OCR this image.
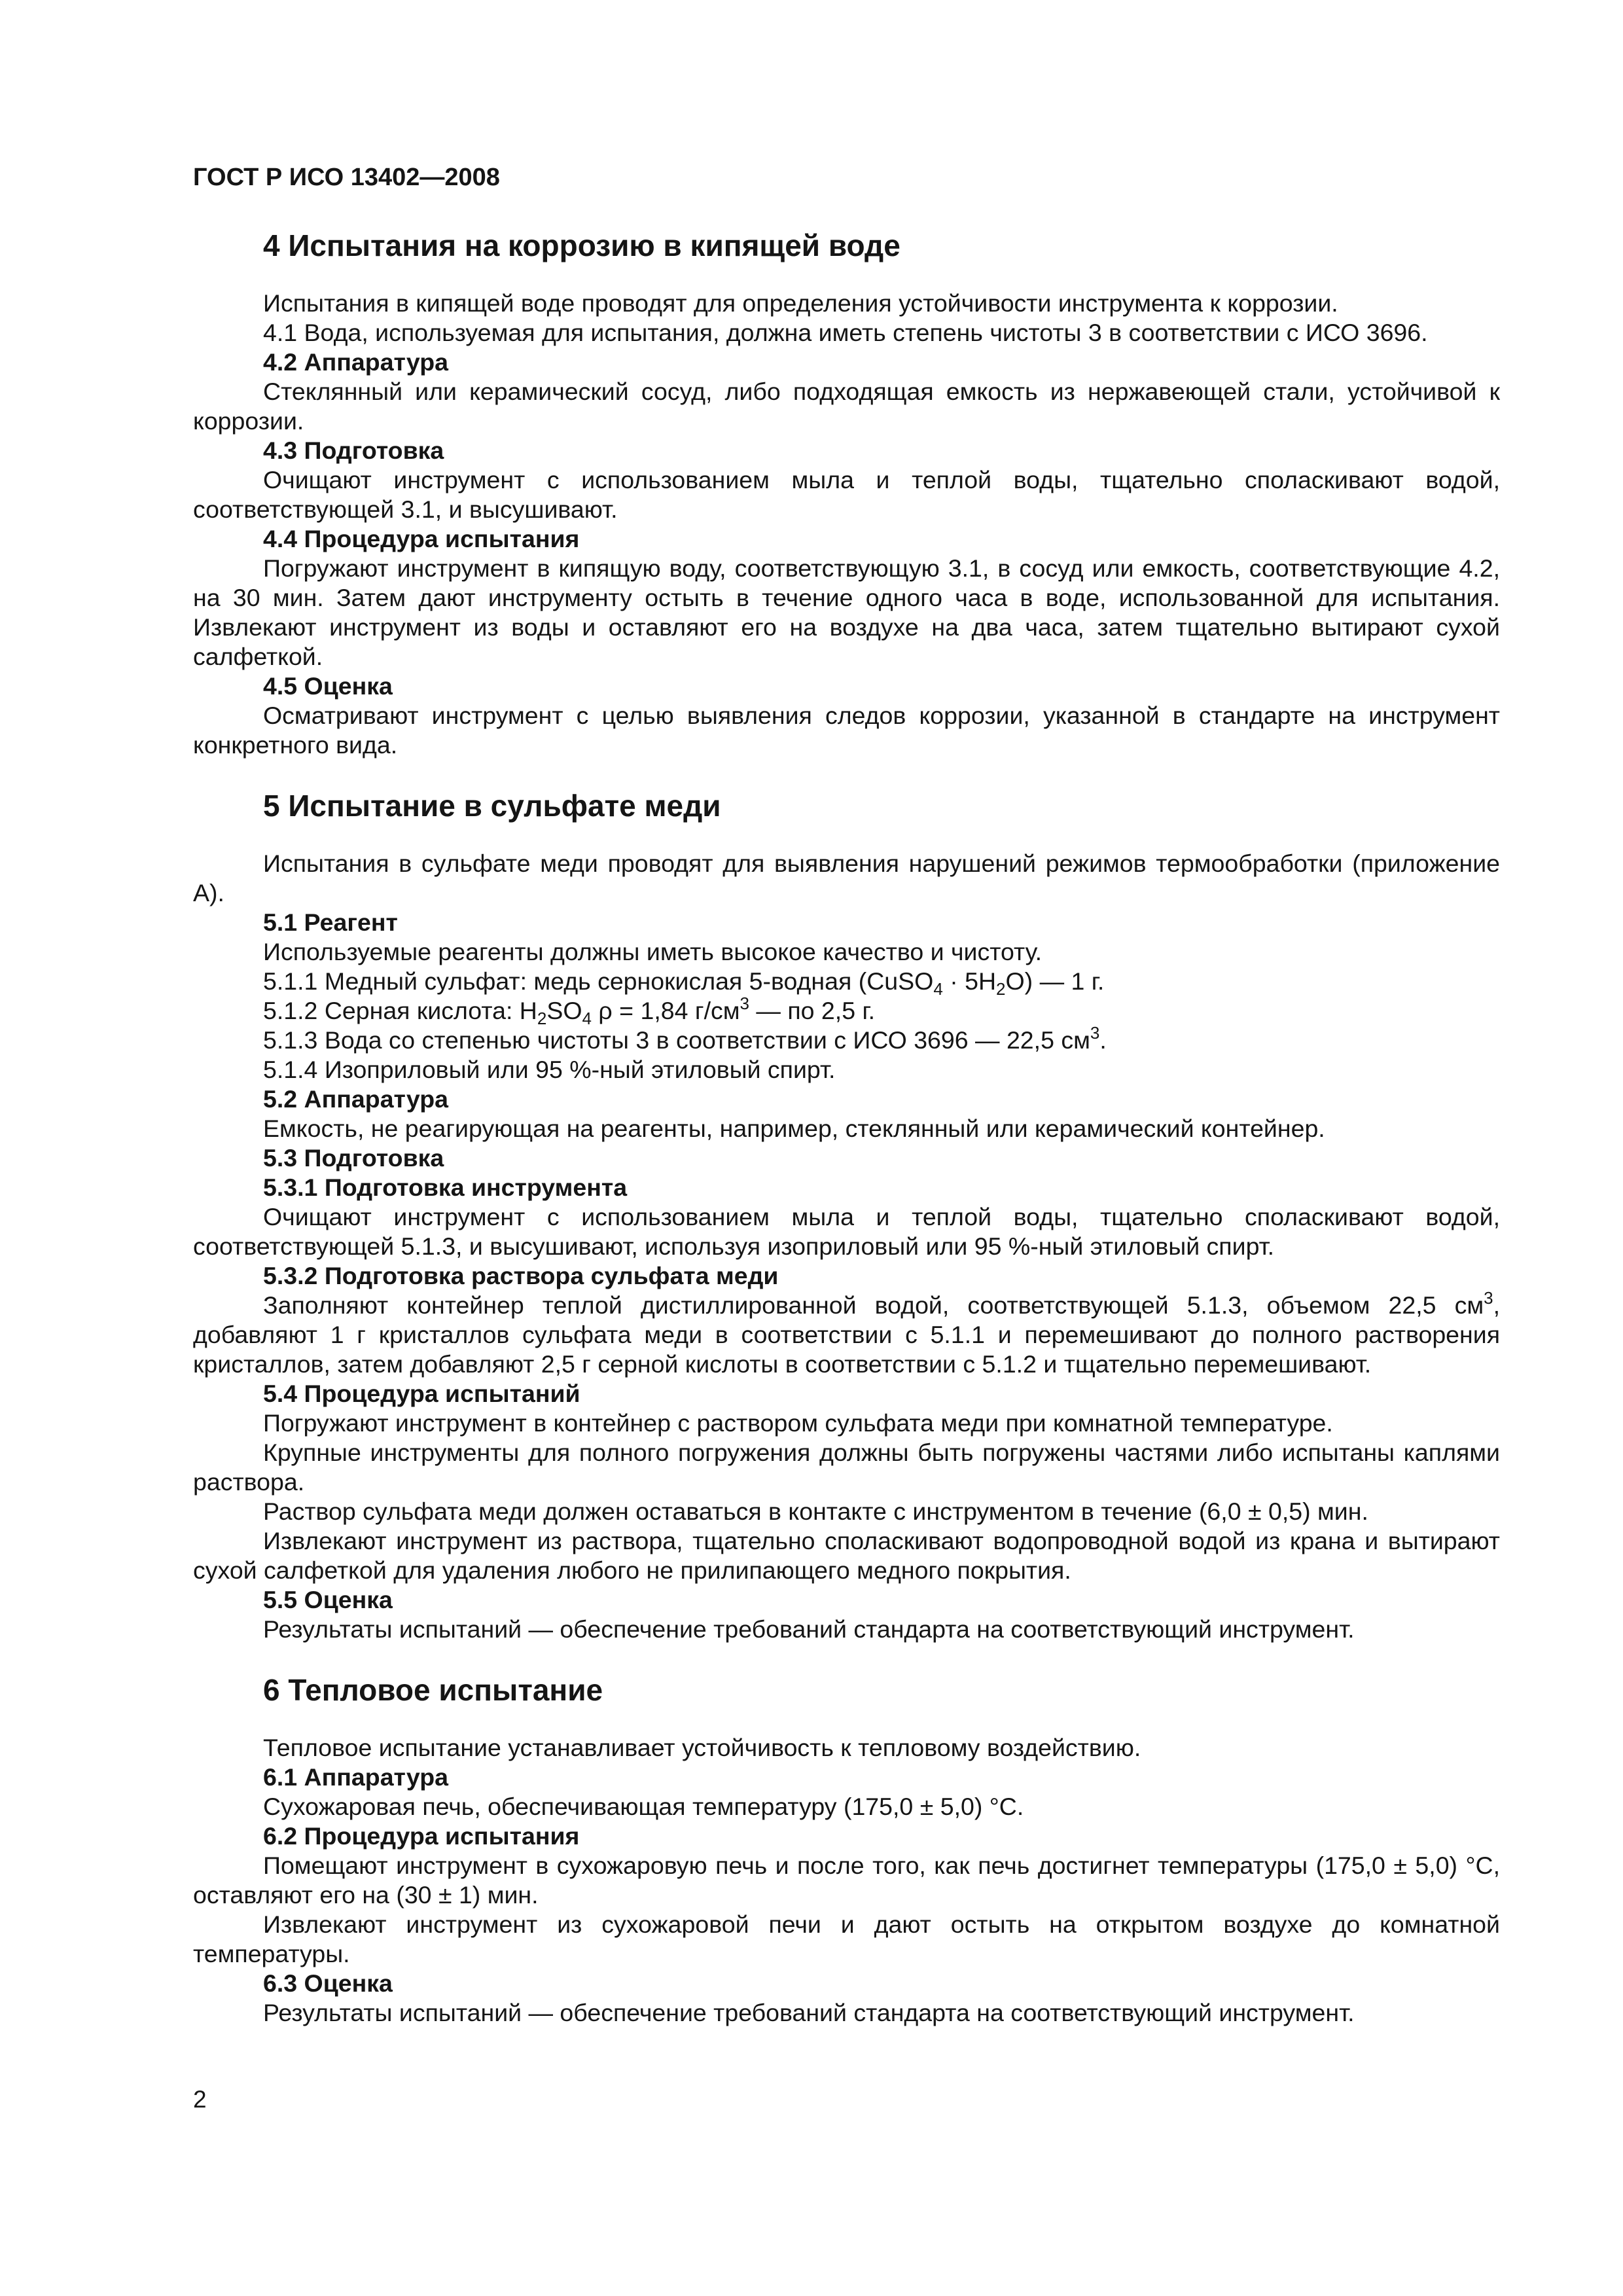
ГОСТ Р ИСО 13402—2008
4 Испытания на коррозию в кипящей воде

Испытания в кипящей воде проводят для определения устойчивости инструмента к коррозии.

4.1 Вода, используемая для испытания, должна иметь степень чистоты 3 в соответствии с ИСО 3696.

4.2 Аппаратура

Стеклянный или керамический сосуд, либо подходящая емкость из нержавеющей стали, устойчивой к коррозии.

4.3 Подготовка

Очищают инструмент с использованием мыла и теплой воды, тщательно споласкивают водой, соответствующей 3.1, и высушивают.

4.4 Процедура испытания

Погружают инструмент в кипящую воду, соответствующую 3.1, в сосуд или емкость, соответствующие 4.2, на 30 мин. Затем дают инструменту остыть в течение одного часа в воде, использованной для испытания. Извлекают инструмент из воды и оставляют его на воздухе на два часа, затем тщательно вытирают сухой салфеткой.

4.5 Оценка

Осматривают инструмент с целью выявления следов коррозии, указанной в стандарте на инструмент конкретного вида.

5 Испытание в сульфате меди

Испытания в сульфате меди проводят для выявления нарушений режимов термообработки (приложение А).

5.1 Реагент

Используемые реагенты должны иметь высокое качество и чистоту.

5.1.1 Медный сульфат: медь сернокислая 5-водная (CuSO$_4$ · $5H_2O$) — 1 г.

5.1.2 Серная кислота: $H_2SO_4$ ρ = 1,84 $г/см^3$ — по 2,5 г.

5.1.3 Вода со степенью чистоты 3 в соответствии с ИСО 3696 — 22,5 $см^3$.

5.1.4 Изоприловый или 95 %-ный этиловый спирт.

5.2 Аппаратура

Емкость, не реагирующая на реагенты, например, стеклянный или керамический контейнер.

5.3 Подготовка

5.3.1 Подготовка инструмента

Очищают инструмент с использованием мыла и теплой воды, тщательно споласкивают водой, соответствующей 5.1.3, и высушивают, используя изоприловый или 95 %-ный этиловый спирт.

5.3.2 Подготовка раствора сульфата меди

Заполняют контейнер теплой дистиллированной водой, соответствующей 5.1.3, объемом 22,5 $см^3$, добавляют 1 г кристаллов сульфата меди в соответствии с 5.1.1 и перемешивают до полного растворения кристаллов, затем добавляют 2,5 г серной кислоты в соответствии с 5.1.2 и тщательно перемешивают.

5.4 Процедура испытаний

Погружают инструмент в контейнер с раствором сульфата меди при комнатной температуре.

Крупные инструменты для полного погружения должны быть погружены частями либо испытаны каплями раствора.

Раствор сульфата меди должен оставаться в контакте с инструментом в течение (6,0 ± 0,5) мин.

Извлекают инструмент из раствора, тщательно споласкивают водопроводной водой из крана и вытирают сухой салфеткой для удаления любого не прилипающего медного покрытия.

5.5 Оценка

Результаты испытаний — обеспечение требований стандарта на соответствующий инструмент.

6 Тепловое испытание

Тепловое испытание устанавливает устойчивость к тепловому воздействию.

6.1 Аппаратура

Сухожаровая печь, обеспечивающая температуру (175,0 ± 5,0) °С.

6.2 Процедура испытания

Помещают инструмент в сухожаровую печь и после того, как печь достигнет температуры (175,0 ± 5,0) °С, оставляют его на (30 ± 1) мин.

Извлекают инструмент из сухожаровой печи и дают остыть на открытом воздухе до комнатной температуры.

6.3 Оценка

Результаты испытаний — обеспечение требований стандарта на соответствующий инструмент.

2
